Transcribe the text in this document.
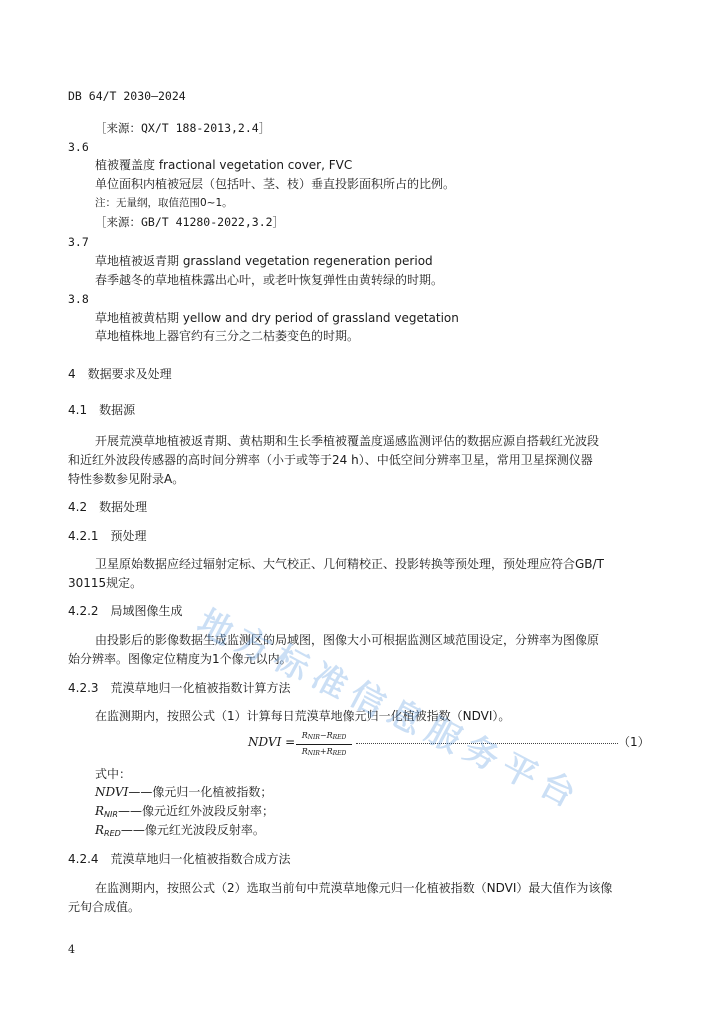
DB 64/T 2030—2024
［来源：QX/T 188-2013,2.4］
3.6
植被覆盖度 fractional vegetation cover, FVC
单位面积内植被冠层（包括叶、茎、枝）垂直投影面积所占的比例。
注：无量纲，取值范围0~1。
［来源：GB/T 41280-2022,3.2］
3.7
草地植被返青期 grassland vegetation regeneration period
春季越冬的草地植株露出心叶，或老叶恢复弹性由黄转绿的时期。
3.8
草地植被黄枯期 yellow and dry period of grassland vegetation
草地植株地上器官约有三分之二枯萎变色的时期。
4　数据要求及处理
4.1　数据源
开展荒漠草地植被返青期、黄枯期和生长季植被覆盖度遥感监测评估的数据应源自搭载红光波段
和近红外波段传感器的高时间分辨率（小于或等于24 h）、中低空间分辨率卫星，常用卫星探测仪器
特性参数参见附录A。
4.2　数据处理
4.2.1　预处理
卫星原始数据应经过辐射定标、大气校正、几何精校正、投影转换等预处理，预处理应符合GB/T
30115规定。
4.2.2　局域图像生成
由投影后的影像数据生成监测区的局域图，图像大小可根据监测区域范围设定，分辨率为图像原
始分辨率。图像定位精度为1个像元以内。
4.2.3　荒漠草地归一化植被指数计算方法
在监测期内，按照公式（1）计算每日荒漠草地像元归一化植被指数（NDVI）。
NDVI = RNIR−RRED
RNIR+RRED
（1）
式中：
NDVI——像元归一化植被指数；
$R_{NIR}——$像元近红外波段反射率；
$R_{RED}——$像元红光波段反射率。
4.2.4　荒漠草地归一化植被指数合成方法
在监测期内，按照公式（2）选取当前旬中荒漠草地像元归一化植被指数（NDVI）最大值作为该像
元旬合成值。
4
地
方
标
准
信
息
服
务
平
台
